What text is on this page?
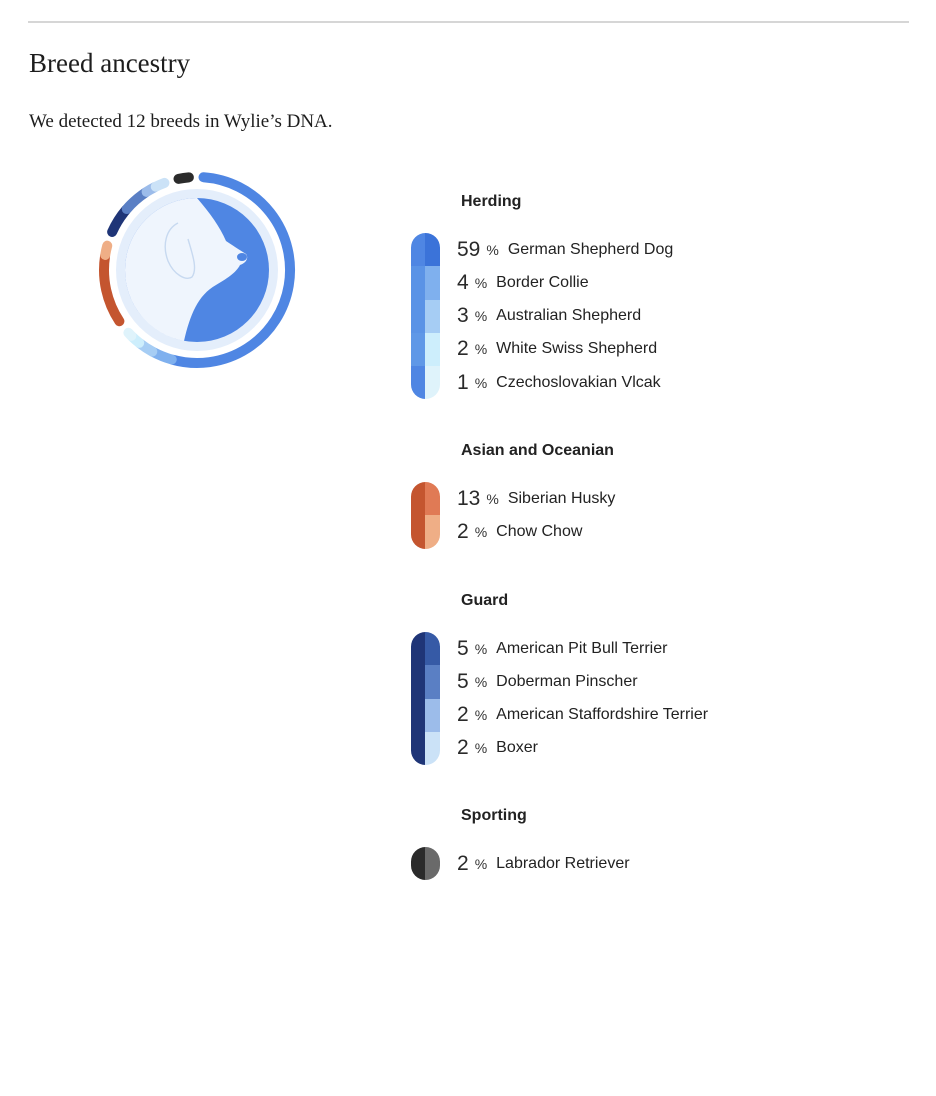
Breed ancestry

We detected 12 breeds in Wylie’s DNA.

Herding
59 % German Shepherd Dog
4 % Border Collie
3 % Australian Shepherd
2 % White Swiss Shepherd
1 % Czechoslovakian Vlcak
Asian and Oceanian
13 % Siberian Husky
2 % Chow Chow
Guard
5 % American Pit Bull Terrier
5 % Doberman Pinscher
2 % American Staffordshire Terrier
2 % Boxer
Sporting
2 % Labrador Retriever
